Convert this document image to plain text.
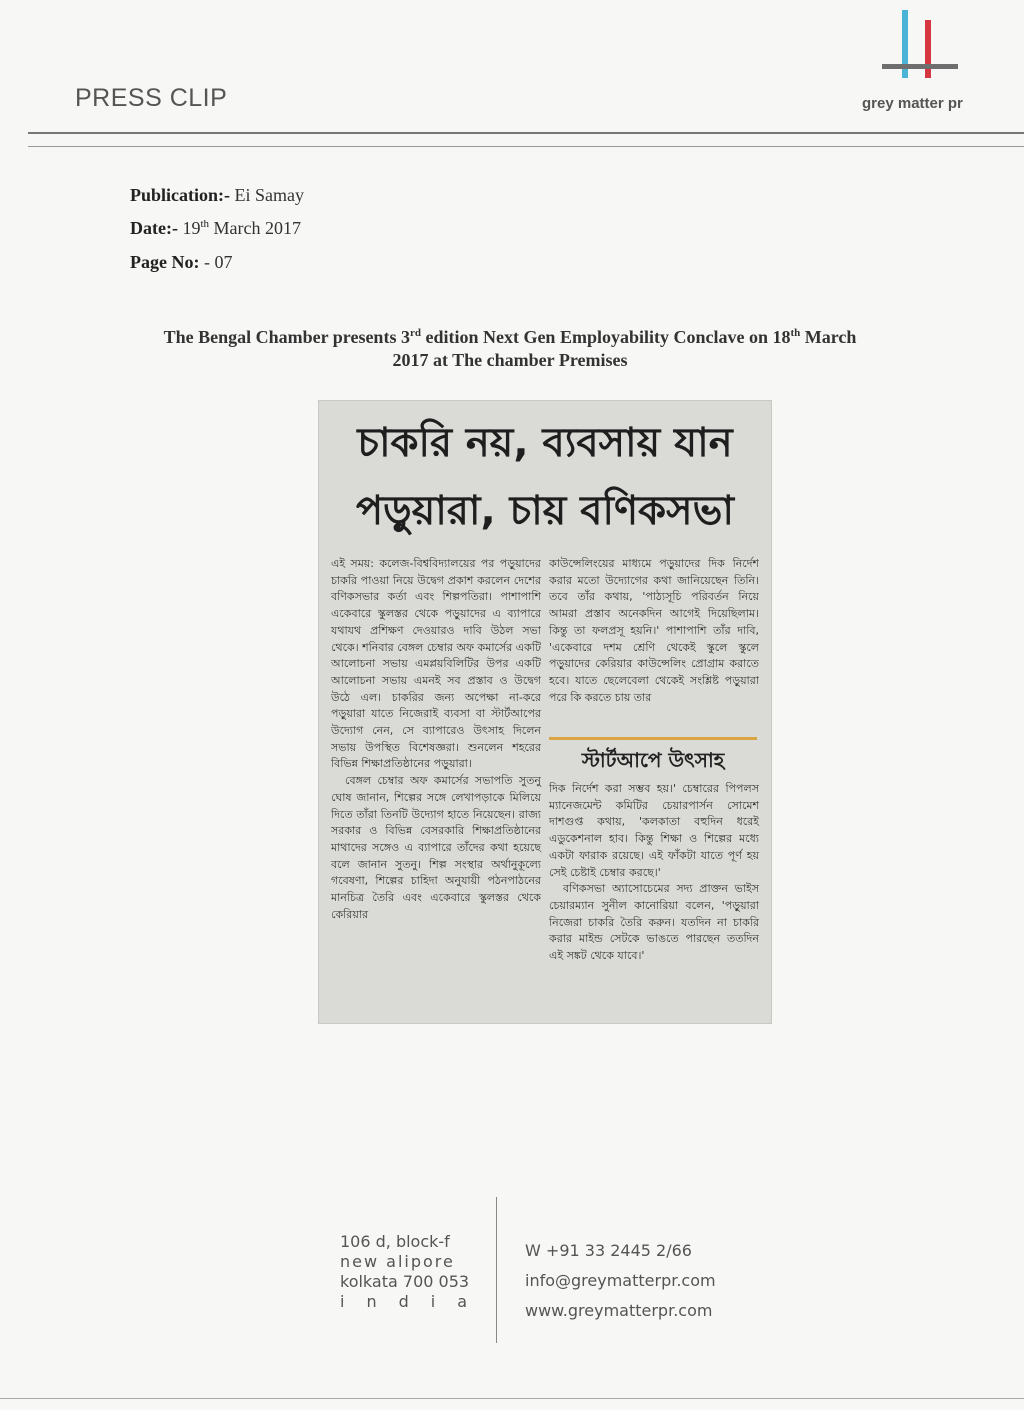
PRESS CLIP	grey matter pr
Publication:- Ei Samay
Date:- 19th March 2017
Page No: - 07
The Bengal Chamber presents 3rd edition Next Gen Employability Conclave on 18th March
2017 at The chamber Premises
চাকরি নয়, ব্যবসায় যান
পড়ুয়ারা, চায় বণিকসভা

এই সময়: কলেজ-বিশ্ববিদ্যালয়ের পর পড়ুয়াদের চাকরি পাওয়া নিয়ে উদ্বেগ প্রকাশ করলেন দেশের বণিকসভার কর্তা এবং শিল্পপতিরা। পাশাপাশি একেবারে স্কুলস্তর থেকে পড়ুয়াদের এ ব্যাপারে যথাযথ প্রশিক্ষণ দেওয়ারও দাবি উঠল সভা থেকে। শনিবার বেঙ্গল চেম্বার অফ কমার্সের একটি আলোচনা সভায় এমপ্লয়বিলিটির উপর একটি আলোচনা সভায় এমনই সব প্রস্তাব ও উদ্বেগ উঠে এল। চাকরির জন্য অপেক্ষা না-করে পড়ুয়ারা যাতে নিজেরাই ব্যবসা বা স্টার্টআপের উদ্যোগ নেন, সে ব্যাপারেও উৎসাহ দিলেন সভায় উপস্থিত বিশেষজ্ঞরা। শুনলেন শহরের বিভিন্ন শিক্ষাপ্রতিষ্ঠানের পড়ুয়ারা।

বেঙ্গল চেম্বার অফ কমার্সের সভাপতি সুতনু ঘোষ জানান, শিল্পের সঙ্গে লেখাপড়াকে মিলিয়ে দিতে তাঁরা তিনটি উদ্যোগ হাতে নিয়েছেন। রাজ্য সরকার ও বিভিন্ন বেসরকারি শিক্ষাপ্রতিষ্ঠানের মাথাদের সঙ্গেও এ ব্যাপারে তাঁদের কথা হয়েছে বলে জানান সুতনু। শিল্প সংস্থার অর্থানুকূল্যে গবেষণা, শিল্পের চাহিদা অনুযায়ী পঠনপাঠনের মানচিত্র তৈরি এবং একেবারে স্কুলস্তর থেকে কেরিয়ার

কাউন্সেলিংয়ের মাধ্যমে পড়ুয়াদের দিক নির্দেশ করার মতো উদ্যোগের কথা জানিয়েছেন তিনি। তবে তাঁর কথায়, 'পাঠ্যসূচি পরিবর্তন নিয়ে আমরা প্রস্তাব অনেকদিন আগেই দিয়েছিলাম। কিন্তু তা ফলপ্রসূ হয়নি।' পাশাপাশি তাঁর দাবি, 'একেবারে দশম শ্রেণি থেকেই স্কুলে স্কুলে পড়ুয়াদের কেরিয়ার কাউন্সেলিং প্রোগ্রাম করাতে হবে। যাতে ছেলেবেলা থেকেই সংশ্লিষ্ট পড়ুয়ারা পরে কি করতে চায় তার

স্টার্টআপে উৎসাহ

দিক নির্দেশ করা সম্ভব হয়।' চেম্বারের পিপলস ম্যানেজমেন্ট কমিটির চেয়ারপার্সন সোমেশ দাশগুপ্ত কথায়, 'কলকাতা বহুদিন ধরেই এডুকেশনাল হাব। কিন্তু শিক্ষা ও শিল্পের মধ্যে একটা ফারাক রয়েছে। এই ফাঁকটা যাতে পূর্ণ হয় সেই চেষ্টাই চেম্বার করছে।'

বণিকসভা অ্যাসোচেমের সদ্য প্রাক্তন ভাইস চেয়ারম্যান সুনীল কানোরিয়া বলেন, 'পড়ুয়ারা নিজেরা চাকরি তৈরি করুন। যতদিন না চাকরি করার মাইন্ড সেটকে ভাঙতে পারছেন ততদিন এই সঙ্কট থেকে যাবে।'

106 d, block-f
new alipore
kolkata 700 053
india
W +91 33 2445 2/66
info@greymatterpr.com
www.greymatterpr.com
